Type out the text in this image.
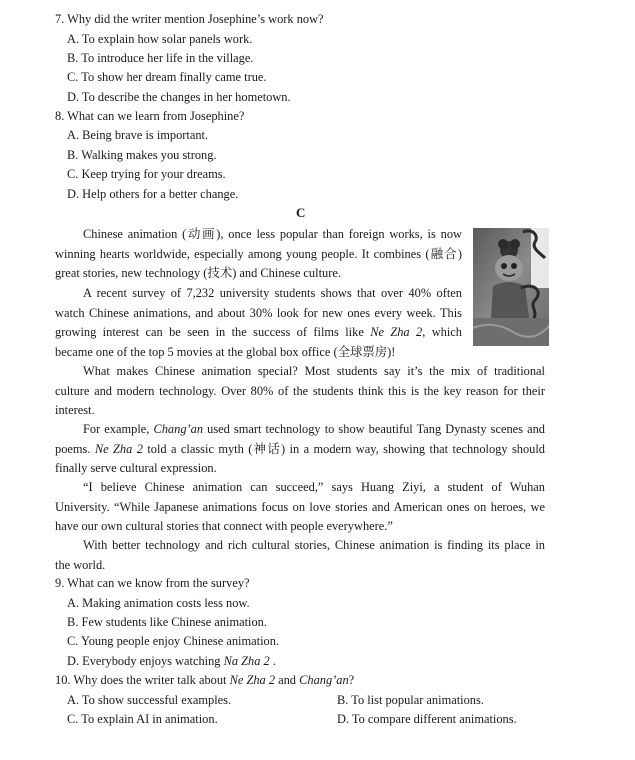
7. Why did the writer mention Josephine’s work now?
A. To explain how solar panels work.
B. To introduce her life in the village.
C. To show her dream finally came true.
D. To describe the changes in her hometown.
8. What can we learn from Josephine?
A. Being brave is important.
B. Walking makes you strong.
C. Keep trying for your dreams.
D. Help others for a better change.
C
Chinese animation (动画), once less popular than foreign works, is now
winning hearts worldwide, especially among young people. It combines (融合)
great stories, new technology (技术) and Chinese culture.
A recent survey of 7,232 university students shows that over 40% often
watch Chinese animations, and about 30% look for new ones every week. This
growing interest can be seen in the success of films like Ne Zha 2, which
became one of the top 5 movies at the global box office (全球票房)!
What makes Chinese animation special? Most students say it’s the mix of traditional
culture and modern technology. Over 80% of the students think this is the key reason for their
interest.
For example, Chang’an used smart technology to show beautiful Tang Dynasty scenes and
poems. Ne Zha 2 told a classic myth (神话) in a modern way, showing that technology should
finally serve cultural expression.
“I believe Chinese animation can succeed,” says Huang Ziyi, a student of Wuhan
University. “While Japanese animations focus on love stories and American ones on heroes, we
have our own cultural stories that connect with people everywhere.”
With better technology and rich cultural stories, Chinese animation is finding its place in
the world.
9. What can we know from the survey?
A. Making animation costs less now.
B. Few students like Chinese animation.
C. Young people enjoy Chinese animation.
D. Everybody enjoys watching Na Zha 2 .
10. Why does the writer talk about Ne Zha 2 and Chang’an?
A. To show successful examples.	B. To list popular animations.
C. To explain AI in animation.	D. To compare different animations.
